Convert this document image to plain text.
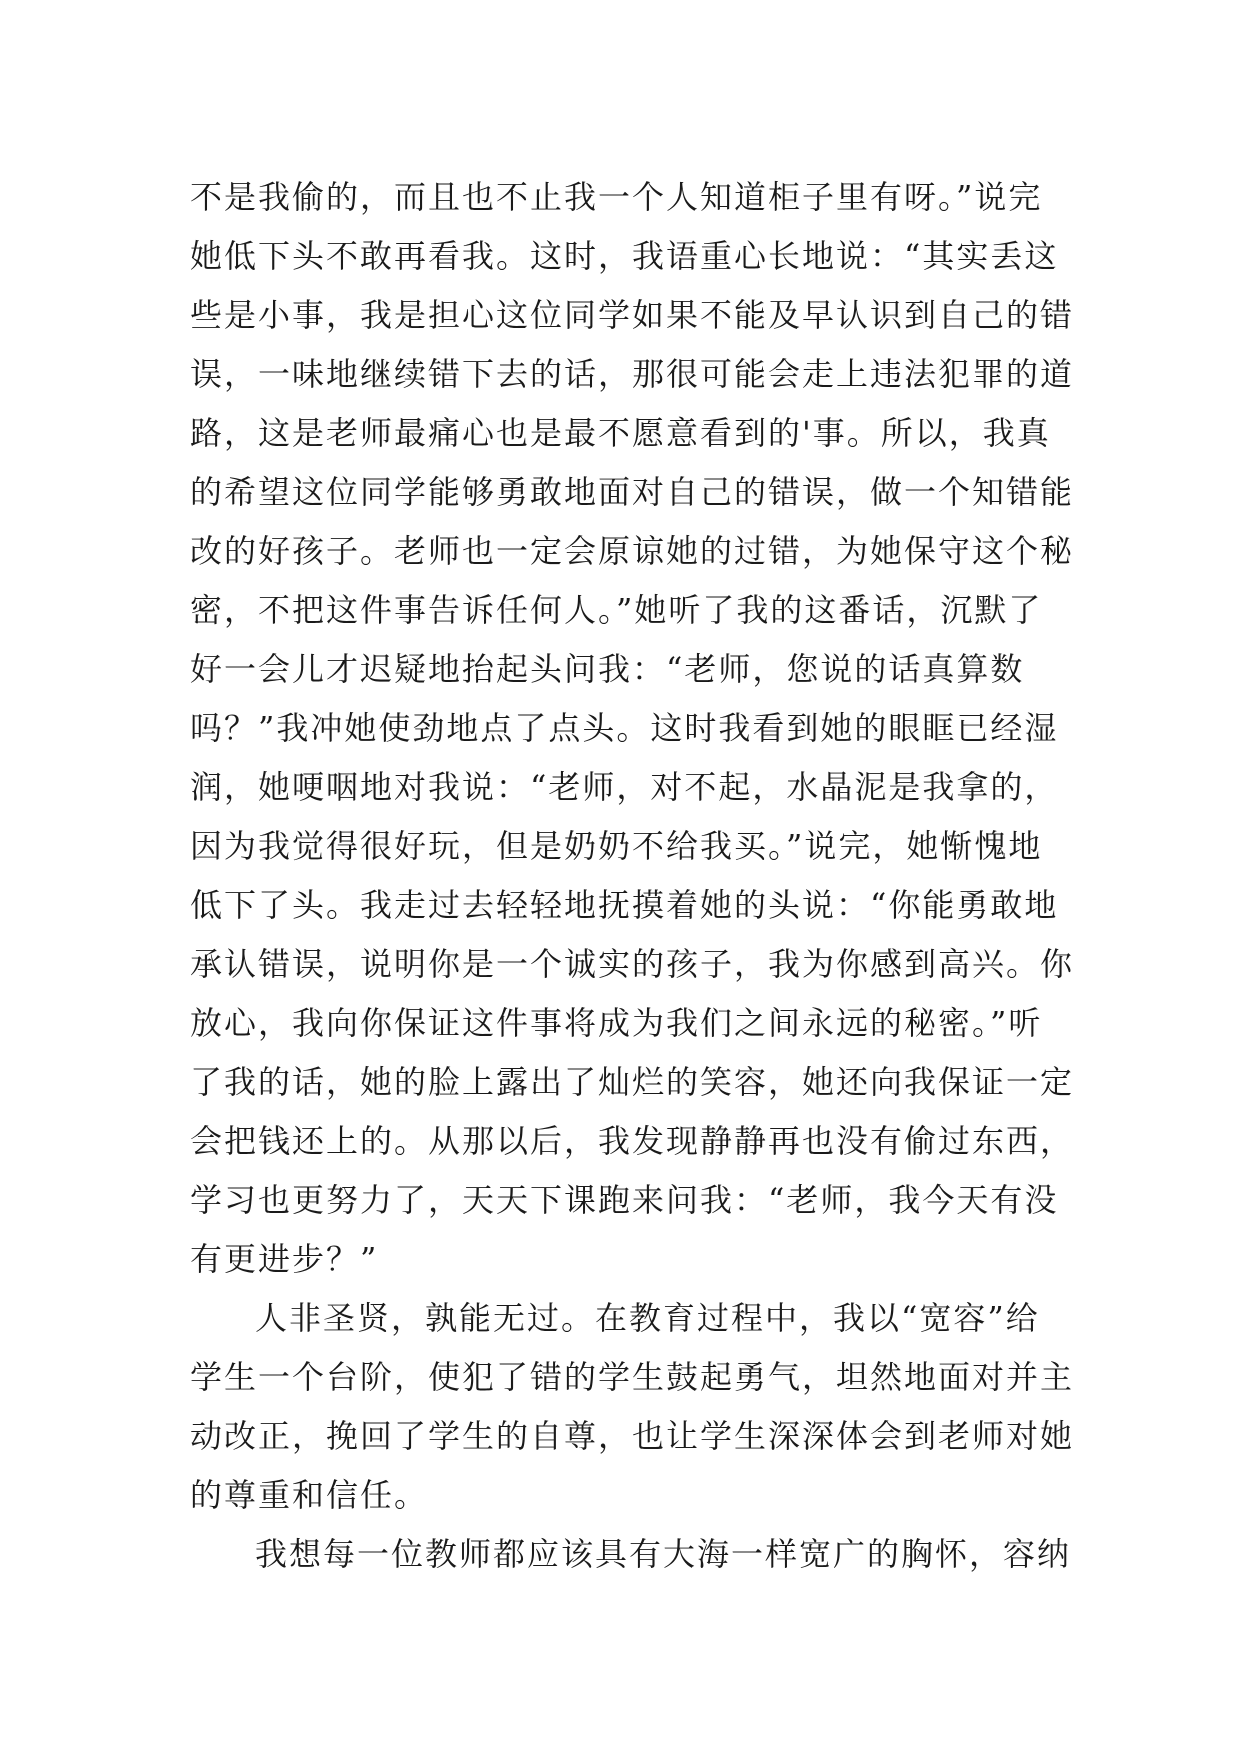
不是我偷的，而且也不止我一个人知道柜子里有呀。”说完
她低下头不敢再看我。这时，我语重心长地说：“其实丢这
些是小事，我是担心这位同学如果不能及早认识到自己的错
误，一味地继续错下去的话，那很可能会走上违法犯罪的道
路，这是老师最痛心也是最不愿意看到的'事。所以，我真
的希望这位同学能够勇敢地面对自己的错误，做一个知错能
改的好孩子。老师也一定会原谅她的过错，为她保守这个秘
密，不把这件事告诉任何人。”她听了我的这番话，沉默了
好一会儿才迟疑地抬起头问我：“老师，您说的话真算数
吗？”我冲她使劲地点了点头。这时我看到她的眼眶已经湿
润，她哽咽地对我说：“老师，对不起，水晶泥是我拿的，
因为我觉得很好玩，但是奶奶不给我买。”说完，她惭愧地
低下了头。我走过去轻轻地抚摸着她的头说：“你能勇敢地
承认错误，说明你是一个诚实的孩子，我为你感到高兴。你
放心，我向你保证这件事将成为我们之间永远的秘密。”听
了我的话，她的脸上露出了灿烂的笑容，她还向我保证一定
会把钱还上的。从那以后，我发现静静再也没有偷过东西，
学习也更努力了，天天下课跑来问我：“老师，我今天有没
有更进步？”
人非圣贤，孰能无过。在教育过程中，我以“宽容”给
学生一个台阶，使犯了错的学生鼓起勇气，坦然地面对并主
动改正，挽回了学生的自尊，也让学生深深体会到老师对她
的尊重和信任。
我想每一位教师都应该具有大海一样宽广的胸怀，容纳
